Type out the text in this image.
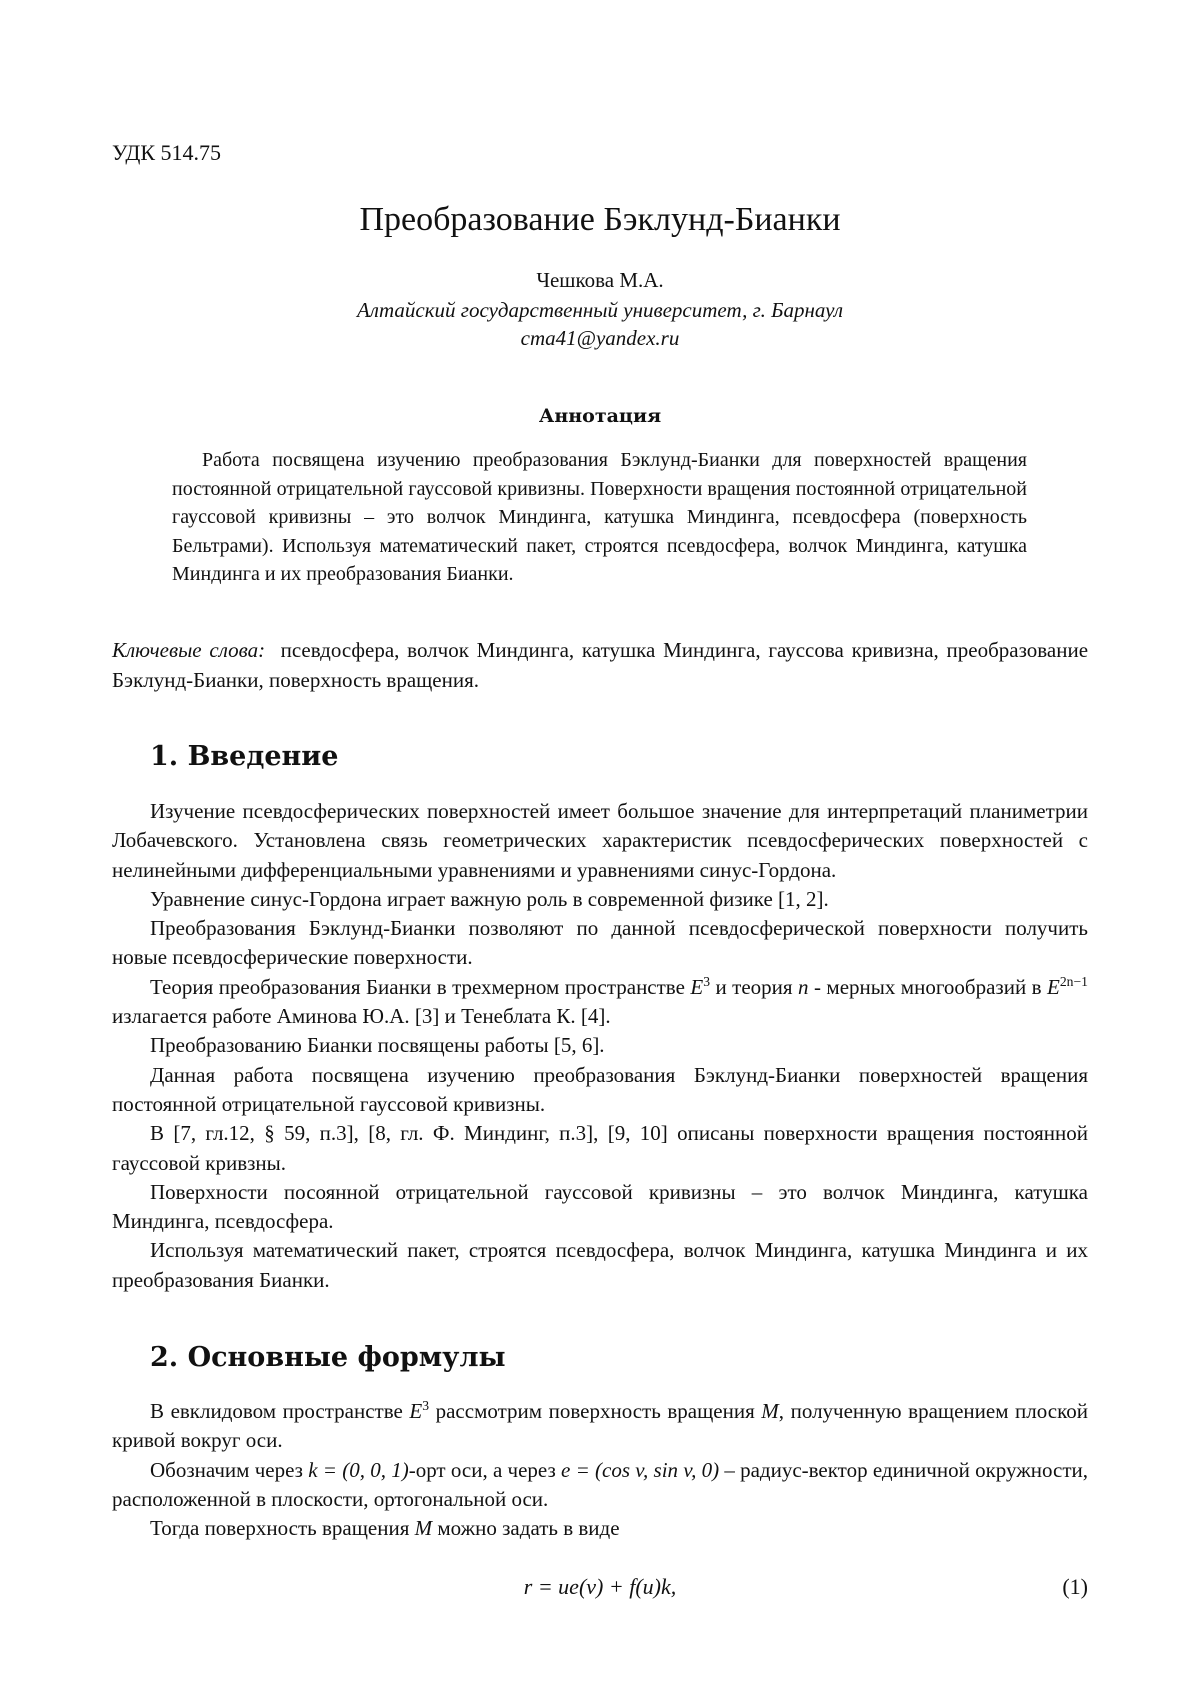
УДК 514.75
Преобразование Бэклунд-Бианки
Чешкова М.А.
Алтайский государственный университет, г. Барнаул
cma41@yandex.ru
Аннотация

Работа посвящена изучению преобразования Бэклунд-Бианки для поверхностей вращения постоянной отрицательной гауссовой кривизны. Поверхности вращения постоянной отрицательной гауссовой кривизны – это волчок Миндинга, катушка Миндинга, псевдосфера (поверхность Бельтрами). Используя математический пакет, строятся псевдосфера, волчок Миндинга, катушка Миндинга и их преобразования Бианки.

Ключевые слова: псевдосфера, волчок Миндинга, катушка Миндинга, гауссова кривизна, преобразование Бэклунд-Бианки, поверхность вращения.

1. Введение

Изучение псевдосферических поверхностей имеет большое значение для интерпретаций планиметрии Лобачевского. Установлена связь геометрических характеристик псевдосферических поверхностей с нелинейными дифференциальными уравнениями и уравнениями синус-Гордона.

Уравнение синус-Гордона играет важную роль в современной физике [1, 2].

Преобразования Бэклунд-Бианки позволяют по данной псевдосферической поверхности получить новые псевдосферические поверхности.

Теория преобразования Бианки в трехмерном пространстве $E^3$ и теория n - мерных многообразий в $E^{2n-1}$ излагается работе Аминова Ю.А. [3] и Тенеблата К. [4].

Преобразованию Бианки посвящены работы [5, 6].

Данная работа посвящена изучению преобразования Бэклунд-Бианки поверхностей вращения постоянной отрицательной гауссовой кривизны.

В [7, гл.12, § 59, п.3], [8, гл. Ф. Миндинг, п.3], [9, 10] описаны поверхности вращения постоянной гауссовой кривзны.

Поверхности посоянной отрицательной гауссовой кривизны – это волчок Миндинга, катушка Миндинга, псевдосфера.

Используя математический пакет, строятся псевдосфера, волчок Миндинга, катушка Миндинга и их преобразования Бианки.

2. Основные формулы

В евклидовом пространстве $E^3$ рассмотрим поверхность вращения M, полученную вращением плоской кривой вокруг оси.

Обозначим через k = (0, 0, 1)-орт оси, а через e = (cos v, sin v, 0) – радиус-вектор единичной окружности, расположенной в плоскости, ортогональной оси.

Тогда поверхность вращения M можно задать в виде

r = ue(v) + f(u)k,	(1)
